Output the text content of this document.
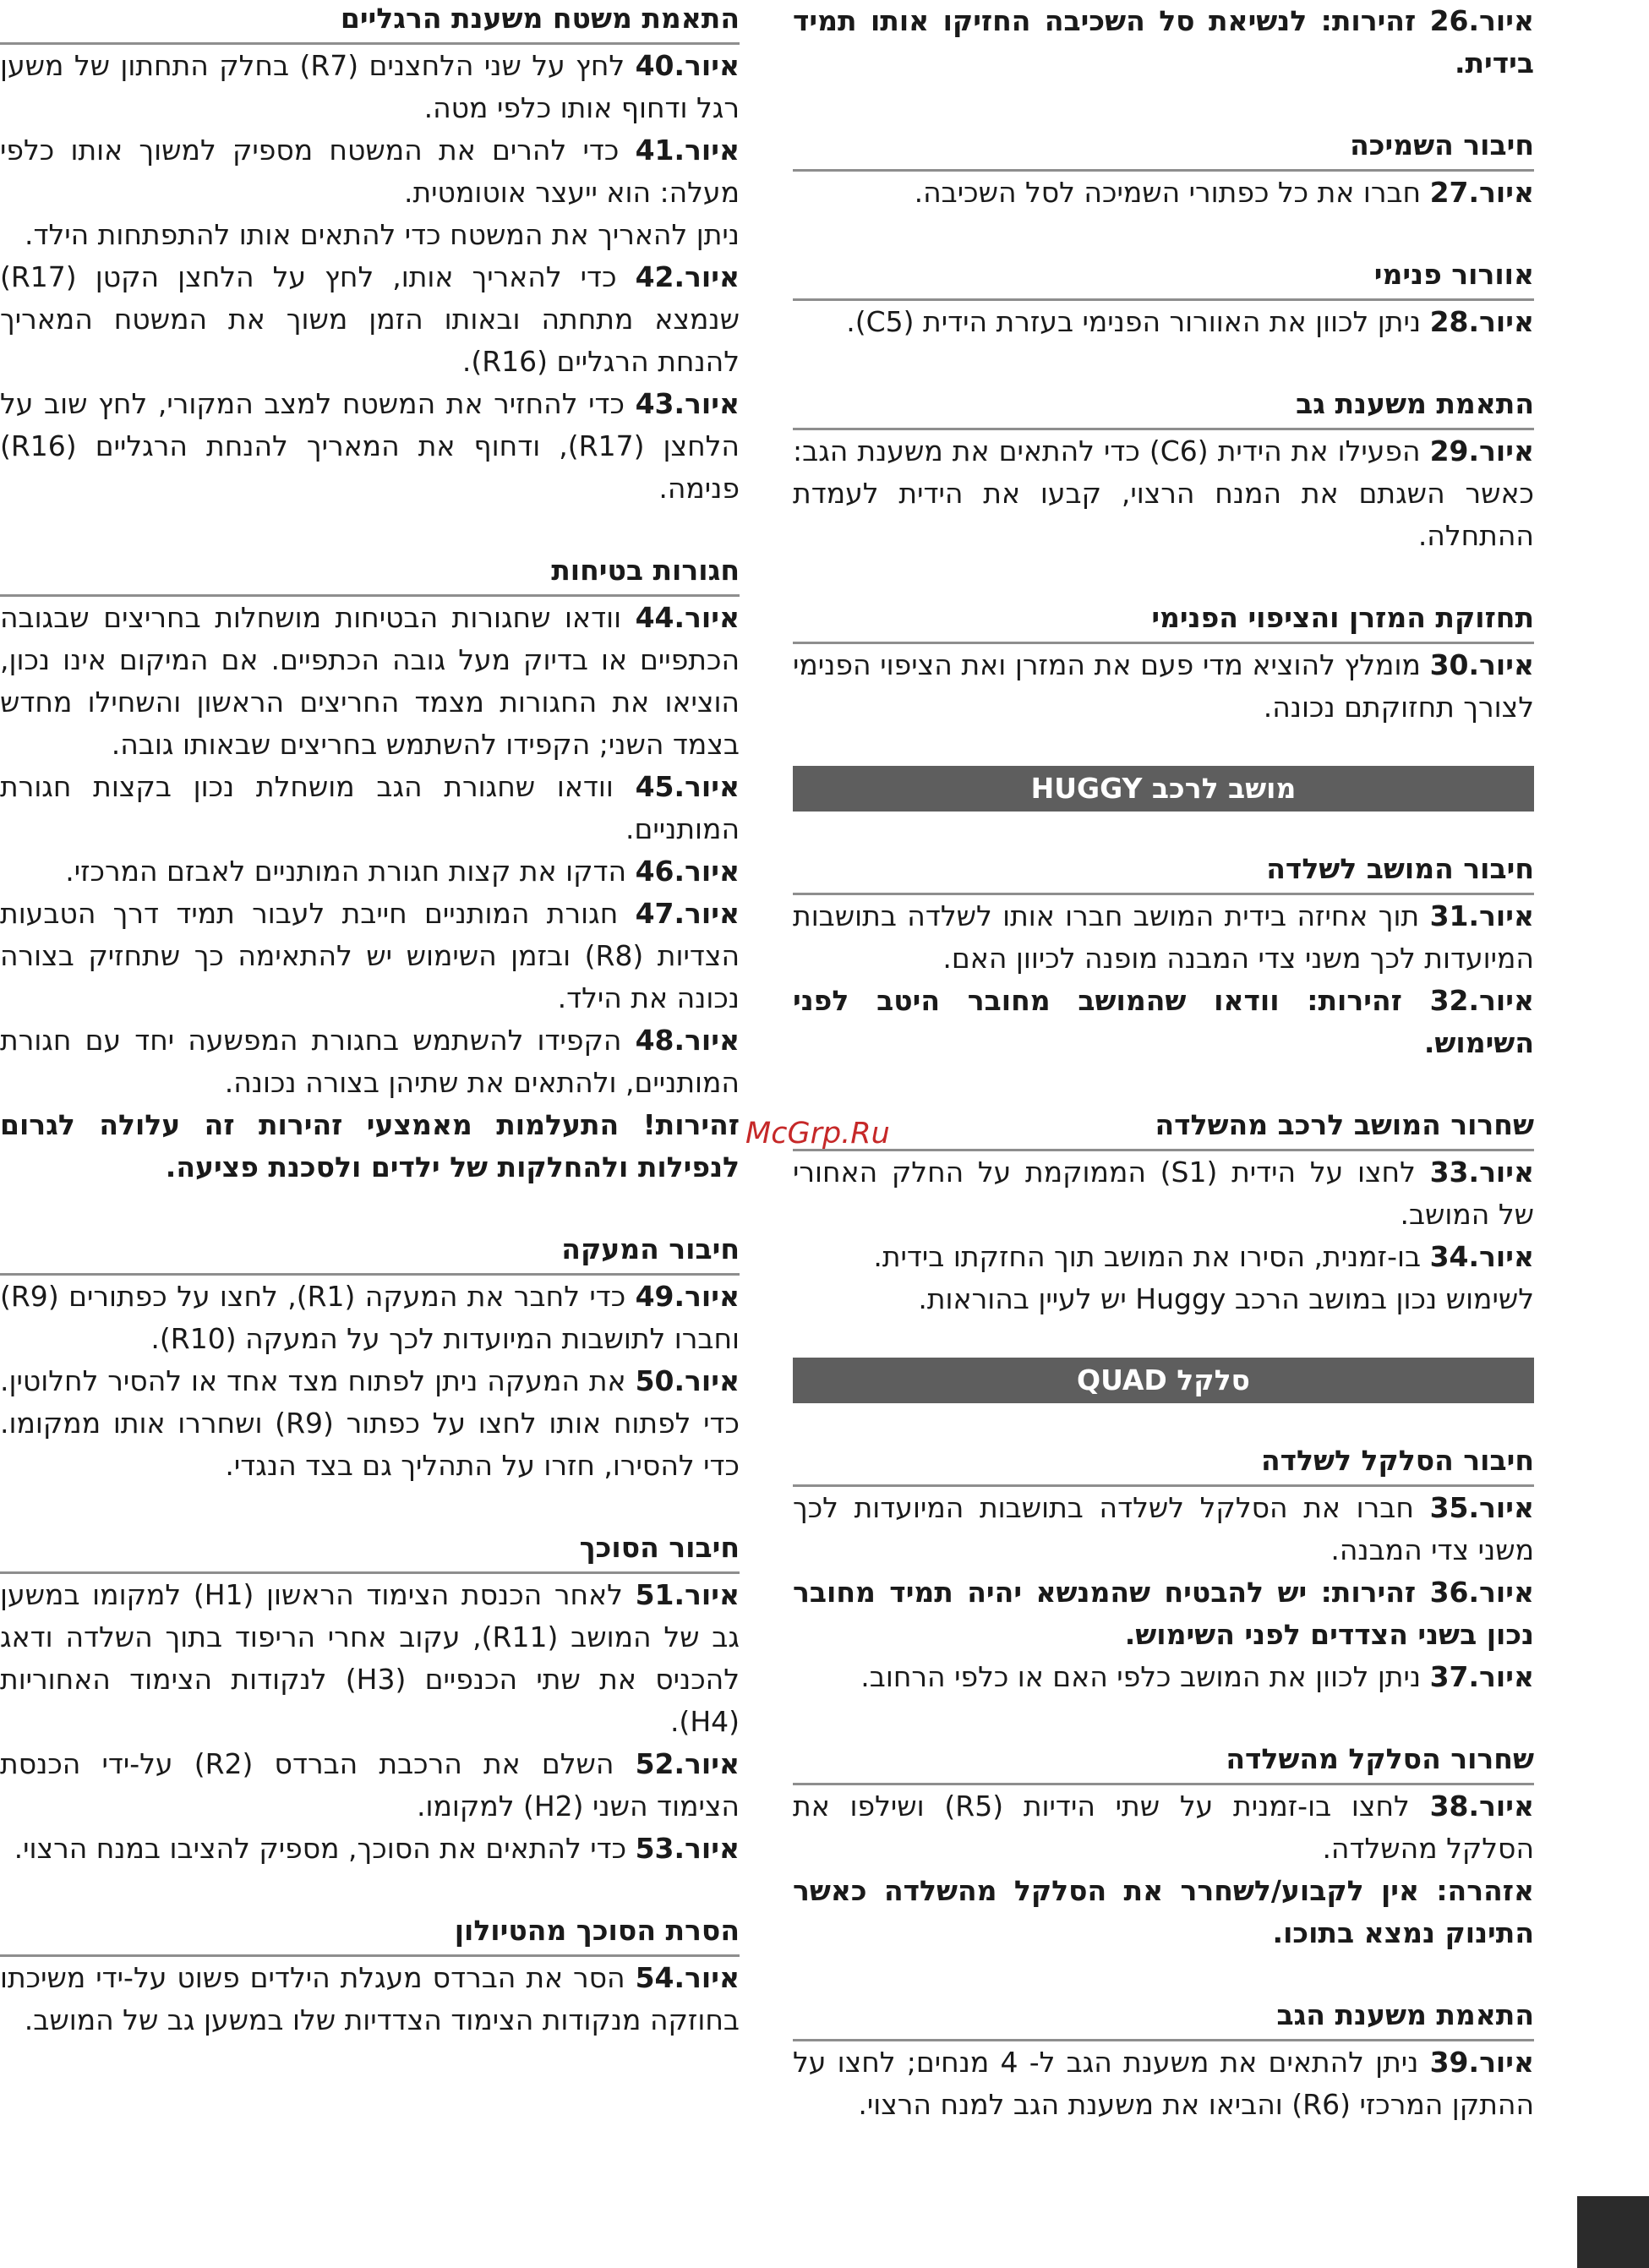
איור.26 זהירות: לנשיאת סל השכיבה החזיקו אותו תמיד בידית.

חיבור השמיכה

איור.27 חברו את כל כפתורי השמיכה לסל השכיבה.

אוורור פנימי

איור.28 ניתן לכוון את האוורור הפנימי בעזרת הידית (C5).

התאמת משענת גב

איור.29 הפעילו את הידית (C6) כדי להתאים את משענת הגב: כאשר השגתם את המנח הרצוי, קבעו את הידית לעמדת ההתחלה.

תחזוקת המזרן והציפוי הפנימי

איור.30 מומלץ להוציא מדי פעם את המזרן ואת הציפוי הפנימי לצורך תחזוקתם נכונה.

מושב לרכב HUGGY
חיבור המושב לשלדה

איור.31 תוך אחיזה בידית המושב חברו אותו לשלדה בתושבות המיועדות לכך משני צדי המבנה מופנה לכיוון האם.

איור.32 זהירות: וודאו שהמושב מחובר היטב לפני השימוש.

שחרור המושב לרכב מהשלדה

איור.33 לחצו על הידית (S1) הממוקמת על החלק האחורי של המושב.

איור.34 בו-זמנית, הסירו את המושב תוך החזקתו בידית.

לשימוש נכון במושב הרכב Huggy יש לעיין בהוראות.

סלקל QUAD
חיבור הסלקל לשלדה

איור.35 חברו את הסלקל לשלדה בתושבות המיועדות לכך משני צדי המבנה.

איור.36 זהירות: יש להבטיח שהמנשא יהיה תמיד מחובר נכון בשני הצדדים לפני השימוש.

איור.37 ניתן לכוון את המושב כלפי האם או כלפי הרחוב.

שחרור הסלקל מהשלדה

איור.38 לחצו בו-זמנית על שתי הידיות (R5) ושילפו את הסלקל מהשלדה.

אזהרה: אין לקבוע/לשחרר את הסלקל מהשלדה כאשר התינוק נמצא בתוכו.

התאמת משענת הגב

איור.39 ניתן להתאים את משענת הגב ל- 4 מנחים; לחצו על ההתקן המרכזי (R6) והביאו את משענת הגב למנח הרצוי.

התאמת משטח משענת הרגליים

איור.40 לחץ על שני הלחצנים (R7) בחלק התחתון של משען רגל ודחוף אותו כלפי מטה.

איור.41 כדי להרים את המשטח מספיק למשוך אותו כלפי מעלה: הוא ייעצר אוטומטית.

ניתן להאריך את המשטח כדי להתאים אותו להתפתחות הילד.

איור.42 כדי להאריך אותו, לחץ על הלחצן הקטן (R17) שנמצא מתחתה ובאותו הזמן משוך את המשטח המאריך להנחת הרגליים (R16).

איור.43 כדי להחזיר את המשטח למצב המקורי, לחץ שוב על הלחצן (R17), ודחוף את המאריך להנחת הרגליים (R16) פנימה.

חגורות בטיחות

איור.44 וודאו שחגורות הבטיחות מושחלות בחריצים שבגובה הכתפיים או בדיוק מעל גובה הכתפיים. אם המיקום אינו נכון, הוציאו את החגורות מצמד החריצים הראשון והשחילו מחדש בצמד השני; הקפידו להשתמש בחריצים שבאותו גובה.

איור.45 וודאו שחגורת הגב מושחלת נכון בקצות חגורת המותניים.

איור.46 הדקו את קצות חגורת המותניים לאבזם המרכזי.

איור.47 חגורת המותניים חייבת לעבור תמיד דרך הטבעות הצדיות (R8) ובזמן השימוש יש להתאימה כך שתחזיק בצורה נכונה את הילד.

איור.48 הקפידו להשתמש בחגורת המפשעה יחד עם חגורת המותניים, ולהתאים את שתיהן בצורה נכונה.

זהירות! התעלמות מאמצעי זהירות זה עלולה לגרום לנפילות ולהחלקות של ילדים ולסכנת פציעה.

חיבור המעקה

איור.49 כדי לחבר את המעקה (R1), לחצו על כפתורים (R9) וחברו לתושבות המיועדות לכך על המעקה (R10).

איור.50 את המעקה ניתן לפתוח מצד אחד או להסיר לחלוטין. כדי לפתוח אותו לחצו על כפתור (R9) ושחררו אותו ממקומו. כדי להסירו, חזרו על התהליך גם בצד הנגדי.

חיבור הסוכך

איור.51 לאחר הכנסת הצימוד הראשון (H1) למקומו במשען גב של המושב (R11), עקוב אחרי הריפוד בתוך השלדה ודאג להכניס את שתי הכנפיים (H3) לנקודות הצימוד האחוריות (H4).

איור.52 השלם את הרכבת הברדס (R2) על-ידי הכנסת הצימוד השני (H2) למקומו.

איור.53 כדי להתאים את הסוכך, מספיק להציבו במנח הרצוי.

הסרת הסוכך מהטיולון

איור.54 הסר את הברדס מעגלת הילדים פשוט על-ידי משיכתו בחוזקה מנקודות הצימוד הצדדיות שלו במשען גב של המושב.

McGrp.Ru
